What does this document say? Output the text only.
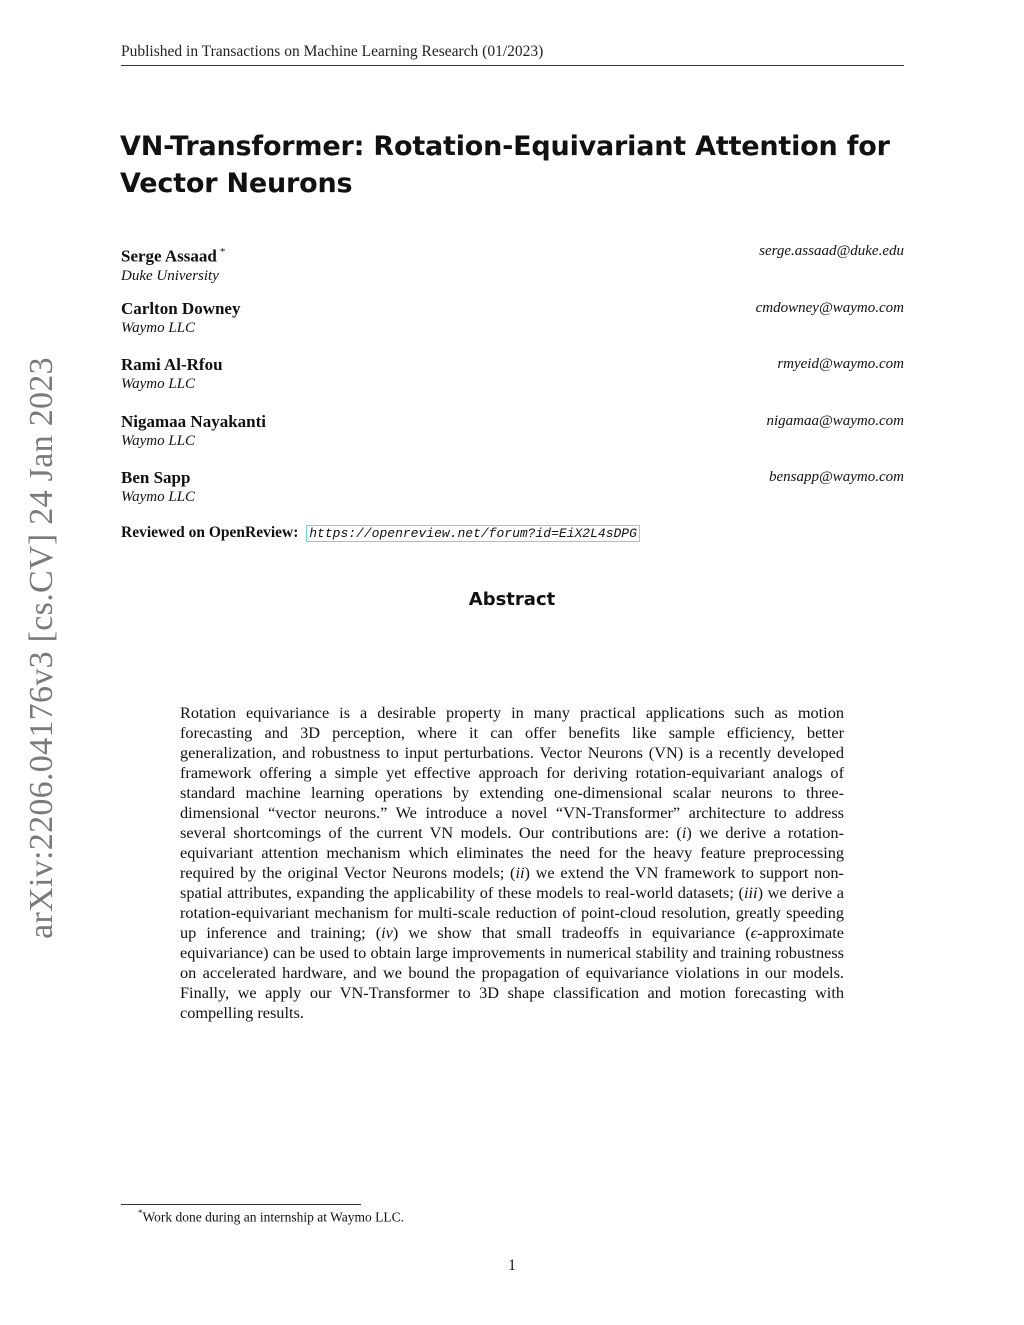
Published in Transactions on Machine Learning Research (01/2023)
VN-Transformer: Rotation-Equivariant Attention for Vector Neurons
Serge Assaad *
Duke University
serge.assaad@duke.edu
Carlton Downey
Waymo LLC
cmdowney@waymo.com
Rami Al-Rfou
Waymo LLC
rmyeid@waymo.com
Nigamaa Nayakanti
Waymo LLC
nigamaa@waymo.com
Ben Sapp
Waymo LLC
bensapp@waymo.com
Reviewed on OpenReview: https://openreview.net/forum?id=EiX2L4sDPG
Abstract
Rotation equivariance is a desirable property in many practical applications such as motion forecasting and 3D perception, where it can offer benefits like sample efficiency, better generalization, and robustness to input perturbations. Vector Neurons (VN) is a recently developed framework offering a simple yet effective approach for deriving rotation-equivariant analogs of standard machine learning operations by extending one-dimensional scalar neurons to three-dimensional “vector neurons.” We introduce a novel “VN-Transformer” architecture to address several shortcomings of the current VN models. Our contributions are: (i) we derive a rotation-equivariant attention mechanism which eliminates the need for the heavy feature preprocessing required by the original Vector Neurons models; (ii) we extend the VN framework to support non-spatial attributes, expanding the applicability of these models to real-world datasets; (iii) we derive a rotation-equivariant mechanism for multi-scale reduction of point-cloud resolution, greatly speeding up inference and training; (iv) we show that small tradeoffs in equivariance (ϵ-approximate equivariance) can be used to obtain large improvements in numerical stability and training robustness on accelerated hardware, and we bound the propagation of equivariance violations in our models. Finally, we apply our VN-Transformer to 3D shape classification and motion forecasting with compelling results.
arXiv:2206.04176v3 [cs.CV] 24 Jan 2023
*Work done during an internship at Waymo LLC.
1
